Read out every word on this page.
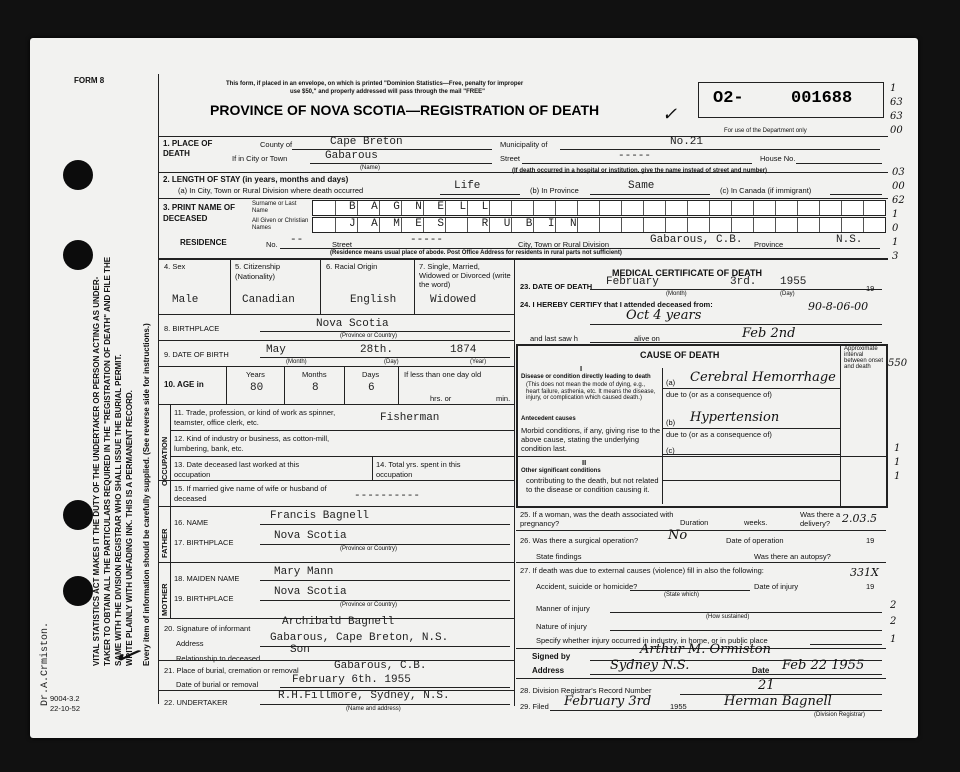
FORM 8	This form, if placed in an envelope, on which is printed "Dominion Statistics—Free, penalty for improper
use $50," and properly addressed will pass through the mail "FREE"
PROVINCE OF NOVA SCOTIA—REGISTRATION OF DEATH
O2-	001688
For use of the Department only
✓
VITAL STATISTICS ACT MAKES IT THE DUTY OF THE UNDERTAKER OR PERSON ACTING AS UNDER- TAKER TO OBTAIN ALL THE PARTICULARS REQUIRED IN THE "REGISTRATION OF DEATH" AND FILE THE SAME WITH THE DIVISION REGISTRAR WHO SHALL ISSUE THE BURIAL PERMIT. WRITE PLAINLY WITH UNFADING INK. THIS IS A PERMANENT RECORD. Every item of information should be carefully supplied. (See reverse side for instructions.)
Dr.A.Crmiston. ✓
9004-3.2
22-10-52
1. PLACE OF DEATH
County of	Cape Breton	Municipality of	No.21
If in City or Town	Gabarous
(Name)
Street	-----	House No.
(If death occurred in a hospital or institution, give the name instead of street and number)
2. LENGTH OF STAY (in years, months and days)
(a) In City, Town or Rural Division where death occurred	Life	(b) In Province	Same	(c) In Canada (if immigrant)
3. PRINT NAME OF DECEASED
Surname or Last Name	BAGNELL
All Given or Christian Names	JAMES RUBIN
RESIDENCE	No. --	Street	-----	City, Town or Rural Division	Gabarous, C.B. Province	N.S.
(Residence means usual place of abode. Post Office Address for residents in rural parts not sufficient)
4. Sex
Male
5. Citizenship (Nationality)
Canadian
6. Racial Origin
English
7. Single, Married, Widowed or Divorced (write the word)
Widowed
8. BIRTHPLACE	Nova Scotia
(Province or Country)
9. DATE OF BIRTH	May	28th.	1874
(Month)	(Day)	(Year)
10. AGE in
Years
80
Months
8
Days
6
If less than one day old
hrs. or	min.
OCCUPATION
11. Trade, profession, or kind of work as spinner, teamster, office clerk, etc.	Fisherman
12. Kind of industry or business, as cotton-mill, lumbering, bank, etc.
13. Date deceased last worked at this occupation
14. Total yrs. spent in this occupation
15. If married give name of wife or husband of deceased	----------
FATHER
16. NAME
Francis Bagnell
17. BIRTHPLACE
Nova Scotia
(Province or Country)
MOTHER
18. MAIDEN NAME
Mary Mann
19. BIRTHPLACE
Nova Scotia
(Province or Country)
20. Signature of informant
Archibald Bagnell
Address	Gabarous, Cape Breton, N.S.
Relationship to deceased
Son
21. Place of burial, cremation or removal	Gabarous, C.B.
Date of burial or removal	February 6th. 1955
22. UNDERTAKER
R.H.Fillmore, Sydney, N.S.
(Name and address)
MEDICAL CERTIFICATE OF DEATH
23. DATE OF DEATH February	3rd. 1955
(Month)	(Day)
19
24. I HEREBY CERTIFY that I attended deceased from:
Oct 4 years
and last saw h	alive on	Feb 2nd
CAUSE OF DEATH
Approximate interval between onset and death
I
Disease or condition directly leading to death
(This does not mean the mode of dying, e.g., heart failure, asthenia, etc. It means the disease, injury, or complication which caused death.)
(a) Cerebral Hemorrhage
due to (or as a consequence of)
Antecedent causes
Morbid conditions, if any, giving rise to the above cause, stating the underlying condition last.
(b) Hypertension
due to (or as a consequence of)
(c)
II
Other significant conditions
contributing to the death, but not related to the disease or condition causing it.
25. If a woman, was the death associated with pregnancy?	Duration	weeks.
Was there a delivery?
26. Was there a surgical operation? No	Date of operation	19
State findings	Was there an autopsy?
27. If death was due to external causes (violence) fill in also the following:
Accident, suicide or homicide?	Date of injury	19
(State which)
Manner of injury
(How sustained)
Nature of injury
Specify whether injury occurred in industry, in home, or in public place
Signed by	Arthur M. Ormiston
Address	Sydney N.S.	Date Feb 22 1955
28. Division Registrar's Record Number	21
29. Filed February 3rd	1955	Herman Bagnell
(Division Registrar)
90-8-06-00
1
63
63
00
03
00
62
1
0
1
3
550
1
1
1
2.03.5
331X
2
2
1
